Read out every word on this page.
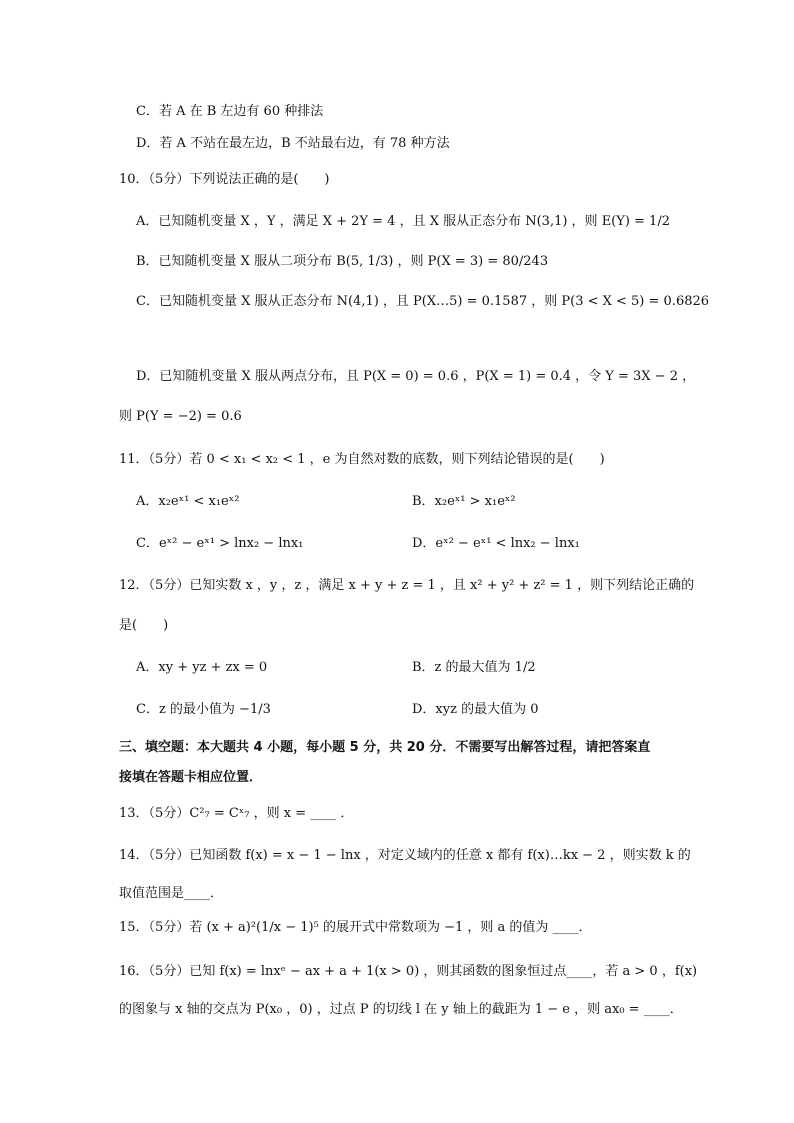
C．若 A 在 B 左边有 60 种排法
D．若 A 不站在最左边，B 不站最右边，有 78 种方法
10．（5分）下列说法正确的是(　　)
A．已知随机变量 X ，Y ，满足 X + 2Y = 4 ，且 X 服从正态分布 N(3,1) ，则 E(Y) = 1/2
B．已知随机变量 X 服从二项分布 B(5, 1/3) ，则 P(X = 3) = 80/243
C．已知随机变量 X 服从正态分布 N(4,1) ，且 P(X…5) = 0.1587 ，则 P(3 < X < 5) = 0.6826
D．已知随机变量 X 服从两点分布，且 P(X = 0) = 0.6 ，P(X = 1) = 0.4 ，令 Y = 3X − 2 ，
则 P(Y = −2) = 0.6
11．（5分）若 0 < x₁ < x₂ < 1 ，e 为自然对数的底数，则下列结论错误的是(　　)
A．x₂eˣ¹ < x₁eˣ²	B．x₂eˣ¹ > x₁eˣ²
C．eˣ² − eˣ¹ > lnx₂ − lnx₁	D．eˣ² − eˣ¹ < lnx₂ − lnx₁
12．（5分）已知实数 x ，y ，z ，满足 x + y + z = 1 ，且 x² + y² + z² = 1 ，则下列结论正确的
是(　　)
A．xy + yz + zx = 0	B．z 的最大值为 1/2
C．z 的最小值为 −1/3	D．xyz 的最大值为 0
三、填空题：本大题共 4 小题，每小题 5 分，共 20 分．不需要写出解答过程，请把答案直
接填在答题卡相应位置．
13．（5分）C²₇ = Cˣ₇ ，则 x = ____ ．
14．（5分）已知函数 f(x) = x − 1 − lnx ，对定义域内的任意 x 都有 f(x)…kx − 2 ，则实数 k 的
取值范围是____．
15．（5分）若 (x + a)²(1/x − 1)⁵ 的展开式中常数项为 −1 ，则 a 的值为 ____．
16．（5分）已知 f(x) = lnxᵉ − ax + a + 1(x > 0) ，则其函数的图象恒过点____，若 a > 0 ，f(x)
的图象与 x 轴的交点为 P(x₀ ，0) ，过点 P 的切线 l 在 y 轴上的截距为 1 − e ，则 ax₀ = ____．
